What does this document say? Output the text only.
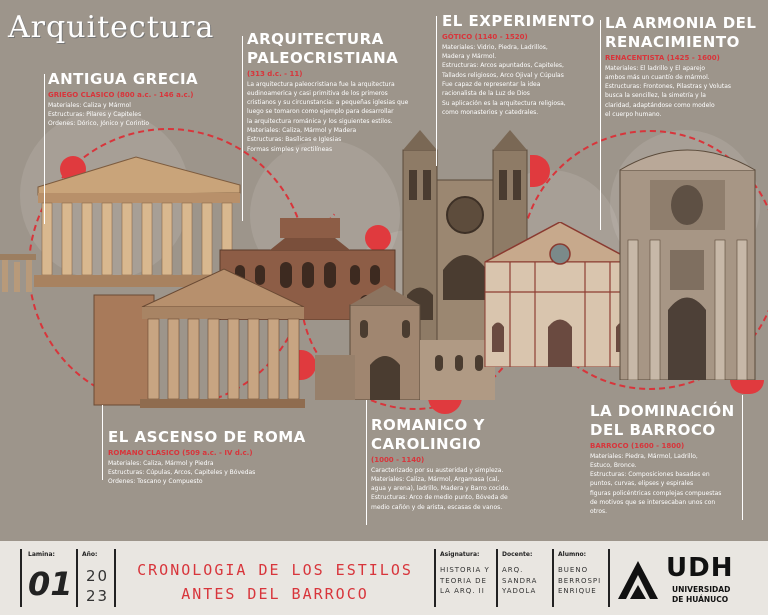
Arquitectura
ANTIGUA GRECIA
GRIEGO CLASICO (800 a.c. - 146 a.c.)
Materiales: Caliza y Mármol
Estructuras: Pilares y Capiteles
Ordenes: Dórico, Jónico y Corintio
ARQUITECTURA PALEOCRISTIANA
(313 d.c. - 11)
La arquitectura paleocristiana fue la arquitectura
eudinoamerica y casi primitiva de los primeros
cristianos y su circunstancia: a pequeñas iglesias que
luego se tomaron como ejemplo para desarrollar
la arquitectura románica y los siguientes estilos.
Materiales: Caliza, Mármol y Madera
Estructuras: Basílicas e Iglesias
Formas simples y rectilíneas
EL EXPERIMENTO
GÓTICO (1140 - 1520)
Materiales: Vidrio, Piedra, Ladrillos,
Madera y Mármol.
Estructuras: Arcos apuntados, Capiteles,
Tallados religiosos, Arco Ojival y Cúpulas
Fue capaz de representar la idea
racionalista de la Luz de Dios
Su aplicación es la arquitectura religiosa,
como monasterios y catedrales.
LA ARMONIA DEL RENACIMIENTO
RENACENTISTA (1425 - 1600)
Materiales: El ladrillo y El aparejo
ambos más un cuantío de mármol.
Estructuras: Frontones, Pilastras y Volutas
busca la sencillez, la simetría y la
claridad, adaptándose como modelo
el cuerpo humano.
EL ASCENSO DE ROMA
ROMANO CLASICO (509 a.c. - IV d.c.)
Materiales: Caliza, Mármol y Piedra
Estructuras: Cúpulas, Arcos, Capiteles y Bóvedas
Ordenes: Toscano y Compuesto
ROMANICO Y CAROLINGIO
(1000 - 1140)
Caracterizado por su austeridad y simpleza.
Materiales: Caliza, Mármol, Argamasa (cal,
agua y arena), ladrillo, Madera y Barro cocido.
Estructuras: Arco de medio punto, Bóveda de
medio cañón y de arista, escasas de vanos.
LA DOMINACIÓN DEL BARROCO
BARROCO (1600 - 1800)
Materiales: Piedra, Mármol, Ladrillo,
Estuco, Bronce.
Estructuras: Composiciones basadas en
puntos, curvas, elipses y espirales
figuras policéntricas complejas compuestas
de motivos que se intersecaban unos con
otros.
Lamina:
01
Año:
20
23
CRONOLOGIA DE LOS ESTILOS
ANTES DEL BARROCO
Asignatura:
HISTORIA Y
TEORIA DE
LA ARQ. II
Docente:
ARQ.
SANDRA
YADOLA
Alumno:
BUENO
BERROSPI
ENRIQUE
UDH
UNIVERSIDAD
DE HUÁNUCO
